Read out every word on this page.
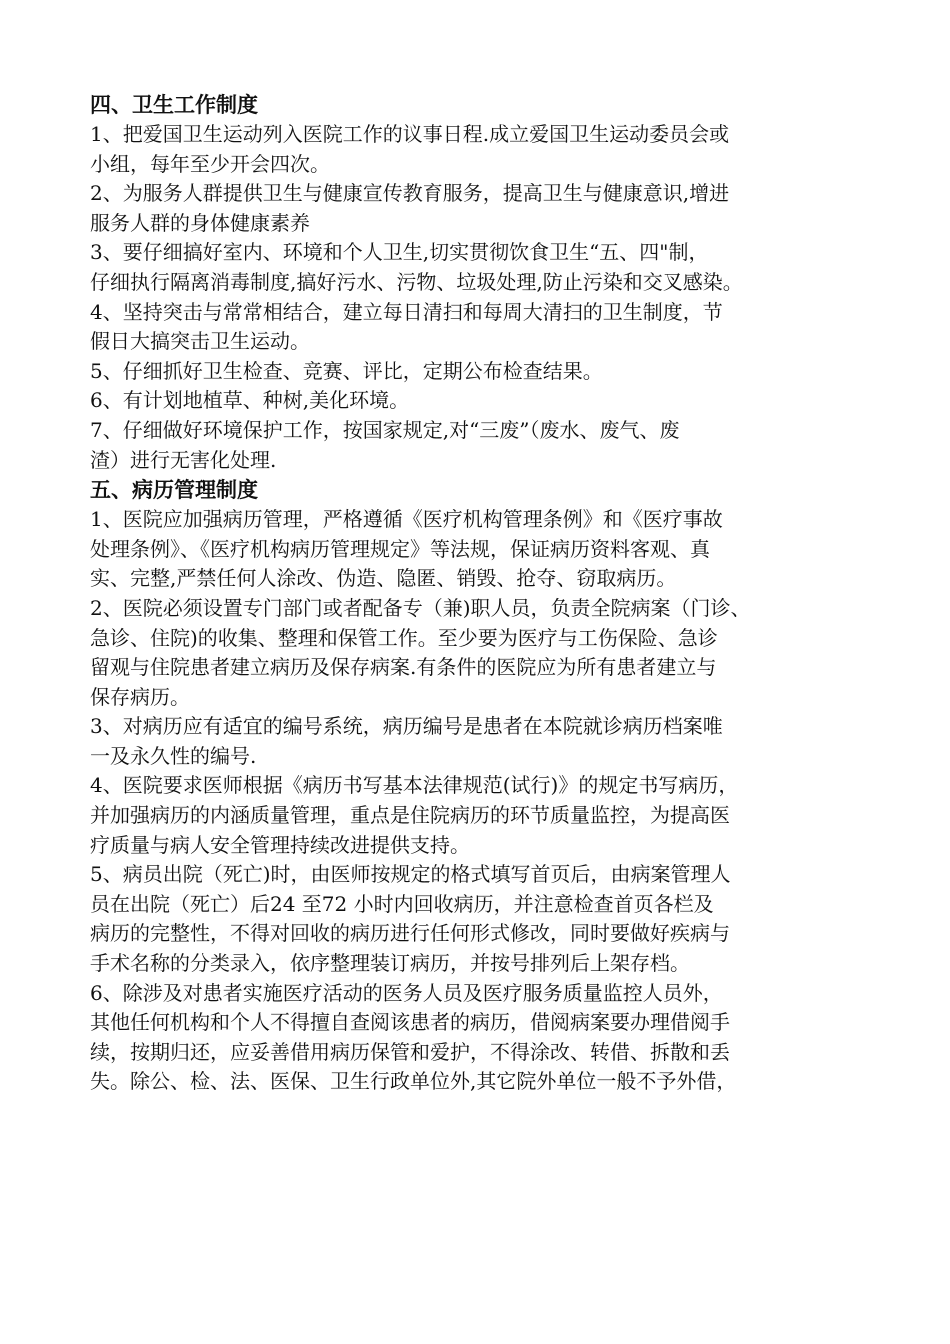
四、卫生工作制度
1、把爱国卫生运动列入医院工作的议事日程.成立爱国卫生运动委员会或
小组，每年至少开会四次。
2、为服务人群提供卫生与健康宣传教育服务，提高卫生与健康意识,增进
服务人群的身体健康素养
3、要仔细搞好室内、环境和个人卫生,切实贯彻饮食卫生“五、四"制，
仔细执行隔离消毒制度,搞好污水、污物、垃圾处理,防止污染和交叉感染。
4、坚持突击与常常相结合，建立每日清扫和每周大清扫的卫生制度，节
假日大搞突击卫生运动。
5、仔细抓好卫生检查、竞赛、评比，定期公布检查结果。
6、有计划地植草、种树,美化环境。
7、仔细做好环境保护工作，按国家规定,对“三废”（废水、废气、废
渣）进行无害化处理.
五、病历管理制度
1、医院应加强病历管理，严格遵循《医疗机构管理条例》和《医疗事故
处理条例》、《医疗机构病历管理规定》等法规，保证病历资料客观、真
实、完整,严禁任何人涂改、伪造、隐匿、销毁、抢夺、窃取病历。
2、医院必须设置专门部门或者配备专（兼)职人员，负责全院病案（门诊、
急诊、住院)的收集、整理和保管工作。至少要为医疗与工伤保险、急诊
留观与住院患者建立病历及保存病案.有条件的医院应为所有患者建立与
保存病历。
3、对病历应有适宜的编号系统，病历编号是患者在本院就诊病历档案唯
一及永久性的编号.
4、医院要求医师根据《病历书写基本法律规范(试行)》的规定书写病历，
并加强病历的内涵质量管理，重点是住院病历的环节质量监控，为提高医
疗质量与病人安全管理持续改进提供支持。
5、病员出院（死亡)时，由医师按规定的格式填写首页后，由病案管理人
员在出院（死亡）后24 至72 小时内回收病历，并注意检查首页各栏及
病历的完整性，不得对回收的病历进行任何形式修改，同时要做好疾病与
手术名称的分类录入，依序整理装订病历，并按号排列后上架存档。
6、除涉及对患者实施医疗活动的医务人员及医疗服务质量监控人员外，
其他任何机构和个人不得擅自查阅该患者的病历，借阅病案要办理借阅手
续，按期归还，应妥善借用病历保管和爱护，不得涂改、转借、拆散和丢
失。除公、检、法、医保、卫生行政单位外,其它院外单位一般不予外借，
